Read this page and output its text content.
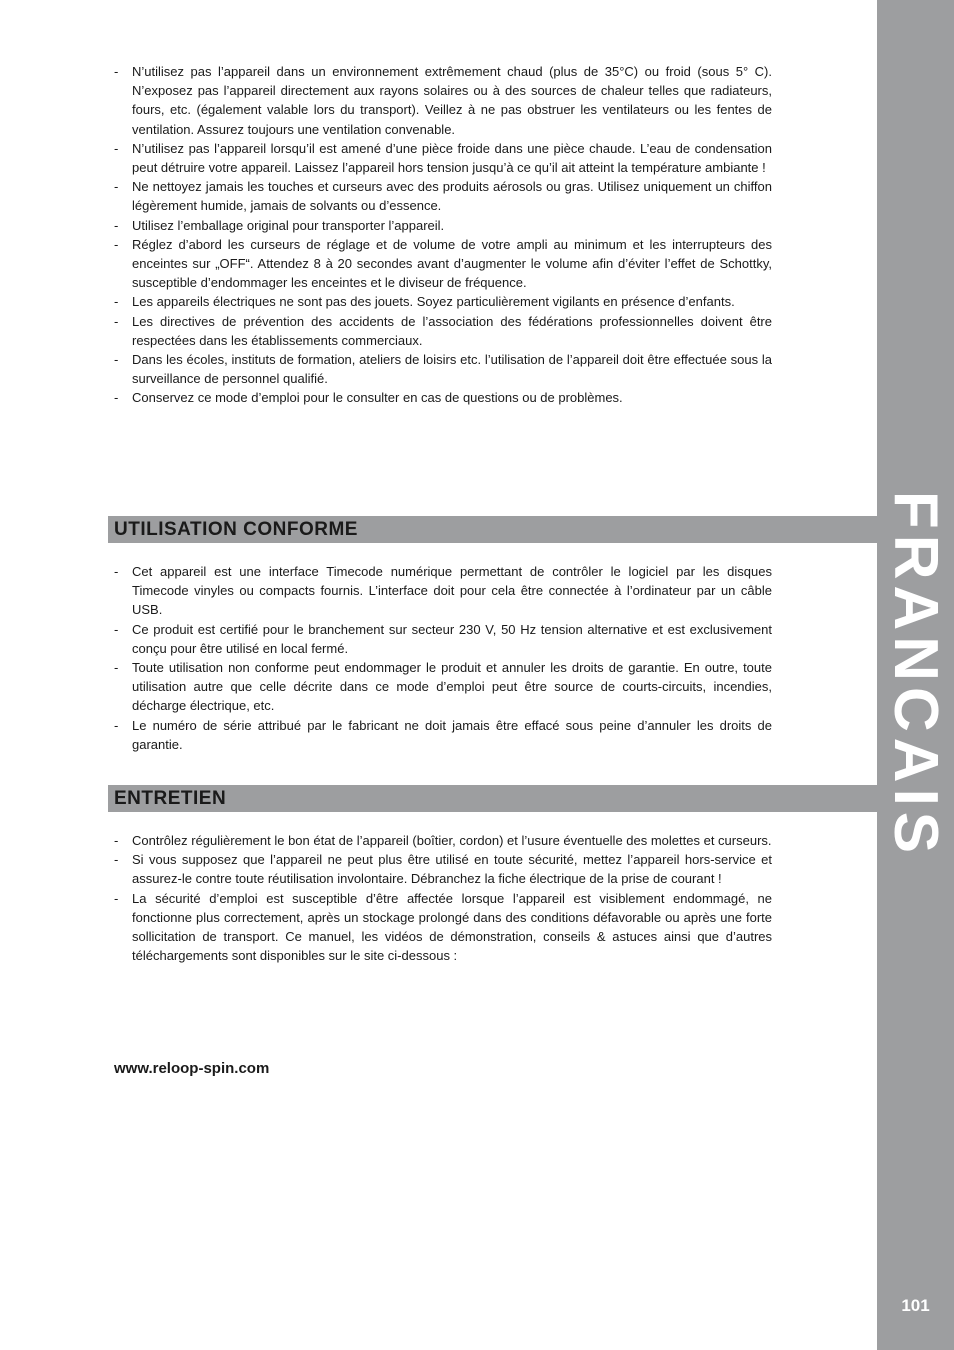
FRANCAIS
101
- N’utilisez pas l’appareil dans un environnement extrêmement chaud (plus de 35°C) ou froid (sous 5° C). N’exposez pas l’appareil directement aux rayons solaires ou à des sources de chaleur telles que radiateurs, fours, etc. (également valable lors du transport). Veillez à ne pas obstruer les ventilateurs ou les fentes de ventilation. Assurez toujours une ventilation convenable.
- N’utilisez pas l’appareil lorsqu’il est amené d’une pièce froide dans une pièce chaude. L’eau de condensation peut détruire votre appareil. Laissez l’appareil hors tension jusqu’à ce qu’il ait atteint la température ambiante !
- Ne nettoyez jamais les touches et curseurs avec des produits aérosols ou gras. Utilisez uniquement un chiffon légèrement humide, jamais de solvants ou d’essence.
- Utilisez l’emballage original pour transporter l’appareil.
- Réglez d’abord les curseurs de réglage et de volume de votre ampli au minimum et les interrupteurs des enceintes sur „OFF“. Attendez 8 à 20 secondes avant d’augmenter le volume afin d’éviter l’effet de Schottky, susceptible d’endommager les enceintes et le diviseur de fréquence.
- Les appareils électriques ne sont pas des jouets. Soyez particulièrement vigilants en présence d’enfants.
- Les directives de prévention des accidents de l’association des fédérations professionnelles doivent être respectées dans les établissements commerciaux.
- Dans les écoles, instituts de formation, ateliers de loisirs etc. l’utilisation de l’appareil doit être effectuée sous la surveillance de personnel qualifié.
- Conservez ce mode d’emploi pour le consulter en cas de questions ou de problèmes.
UTILISATION CONFORME
- Cet appareil est une interface Timecode numérique permettant de contrôler le logiciel par les disques Timecode vinyles ou compacts fournis. L’interface doit pour cela être connectée à l’ordinateur par un câble USB.
- Ce produit est certifié pour le branchement sur secteur 230 V, 50 Hz tension alternative et est exclusivement conçu pour être utilisé en local fermé.
- Toute utilisation non conforme peut endommager le produit et annuler les droits de garantie. En outre, toute utilisation autre que celle décrite dans ce mode d’emploi peut être source de courts-circuits, incendies, décharge électrique, etc.
- Le numéro de série attribué par le fabricant ne doit jamais être effacé sous peine d’annuler les droits de garantie.
ENTRETIEN
- Contrôlez régulièrement le bon état de l’appareil (boîtier, cordon) et l’usure éventuelle des molettes et curseurs.
- Si vous supposez que l’appareil ne peut plus être utilisé en toute sécurité, mettez l’appareil hors-service et assurez-le contre toute réutilisation involontaire. Débranchez la fiche électrique de la prise de courant !
- La sécurité d’emploi est susceptible d’être affectée lorsque l’appareil est visiblement endommagé, ne fonctionne plus correctement, après un stockage prolongé dans des conditions défavorable ou après une forte sollicitation de transport. Ce manuel, les vidéos de démonstration, conseils & astuces ainsi que d’autres téléchargements sont disponibles sur le site ci-dessous :
www.reloop-spin.com
